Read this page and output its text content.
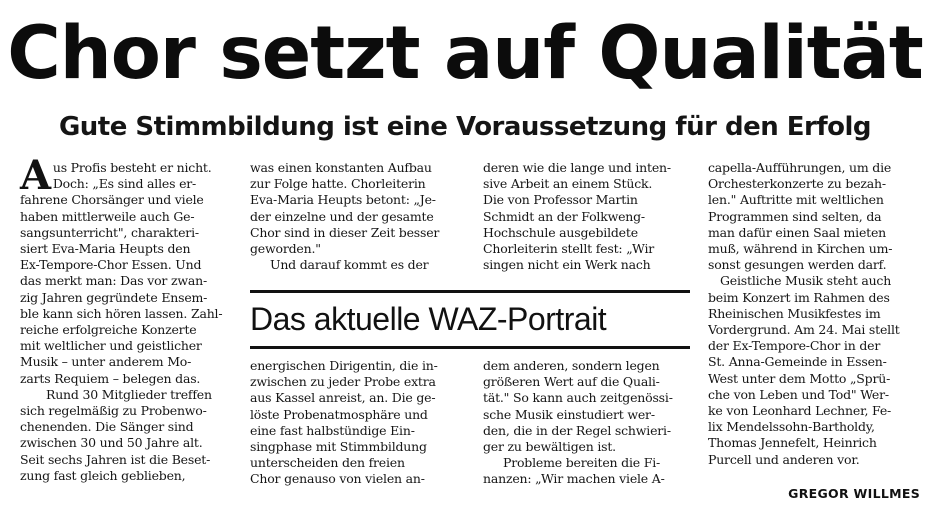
Chor setzt auf Qualität
Gute Stimmbildung ist eine Voraussetzung für den Erfolg
A us Profis besteht er nicht.
Doch: „Es sind alles er-
fahrene Chorsänger und viele
haben mittlerweile auch Ge-
sangsunterricht", charakteri-
siert Eva-Maria Heupts den
Ex-Tempore-Chor Essen. Und
das merkt man: Das vor zwan-
zig Jahren gegründete Ensem-
ble kann sich hören lassen. Zahl-
reiche erfolgreiche Konzerte
mit weltlicher und geistlicher
Musik – unter anderem Mo-
zarts Requiem – belegen das.
Rund 30 Mitglieder treffen
sich regelmäßig zu Probenwo-
chenenden. Die Sänger sind
zwischen 30 und 50 Jahre alt.
Seit sechs Jahren ist die Beset-
zung fast gleich geblieben,
was einen konstanten Aufbau
zur Folge hatte. Chorleiterin
Eva-Maria Heupts betont: „Je-
der einzelne und der gesamte
Chor sind in dieser Zeit besser
geworden."
Und darauf kommt es der
deren wie die lange und inten-
sive Arbeit an einem Stück.
Die von Professor Martin
Schmidt an der Folkweng-
Hochschule ausgebildete
Chorleiterin stellt fest: „Wir
singen nicht ein Werk nach
capella-Aufführungen, um die
Orchesterkonzerte zu bezah-
len." Auftritte mit weltlichen
Programmen sind selten, da
man dafür einen Saal mieten
muß, während in Kirchen um-
sonst gesungen werden darf.
Geistliche Musik steht auch
beim Konzert im Rahmen des
Rheinischen Musikfestes im
Vordergrund. Am 24. Mai stellt
der Ex-Tempore-Chor in der
St. Anna-Gemeinde in Essen-
West unter dem Motto „Sprü-
che von Leben und Tod" Wer-
ke von Leonhard Lechner, Fe-
lix Mendelssohn-Bartholdy,
Thomas Jennefelt, Heinrich
Purcell und anderen vor.
Das aktuelle WAZ-Portrait
energischen Dirigentin, die in-
zwischen zu jeder Probe extra
aus Kassel anreist, an. Die ge-
löste Probenatmosphäre und
eine fast halbstündige Ein-
singphase mit Stimmbildung
unterscheiden den freien
Chor genauso von vielen an-
dem anderen, sondern legen
größeren Wert auf die Quali-
tät." So kann auch zeitgenössi-
sche Musik einstudiert wer-
den, die in der Regel schwieri-
ger zu bewältigen ist.
Probleme bereiten die Fi-
nanzen: „Wir machen viele A-
GREGOR WILLMES
